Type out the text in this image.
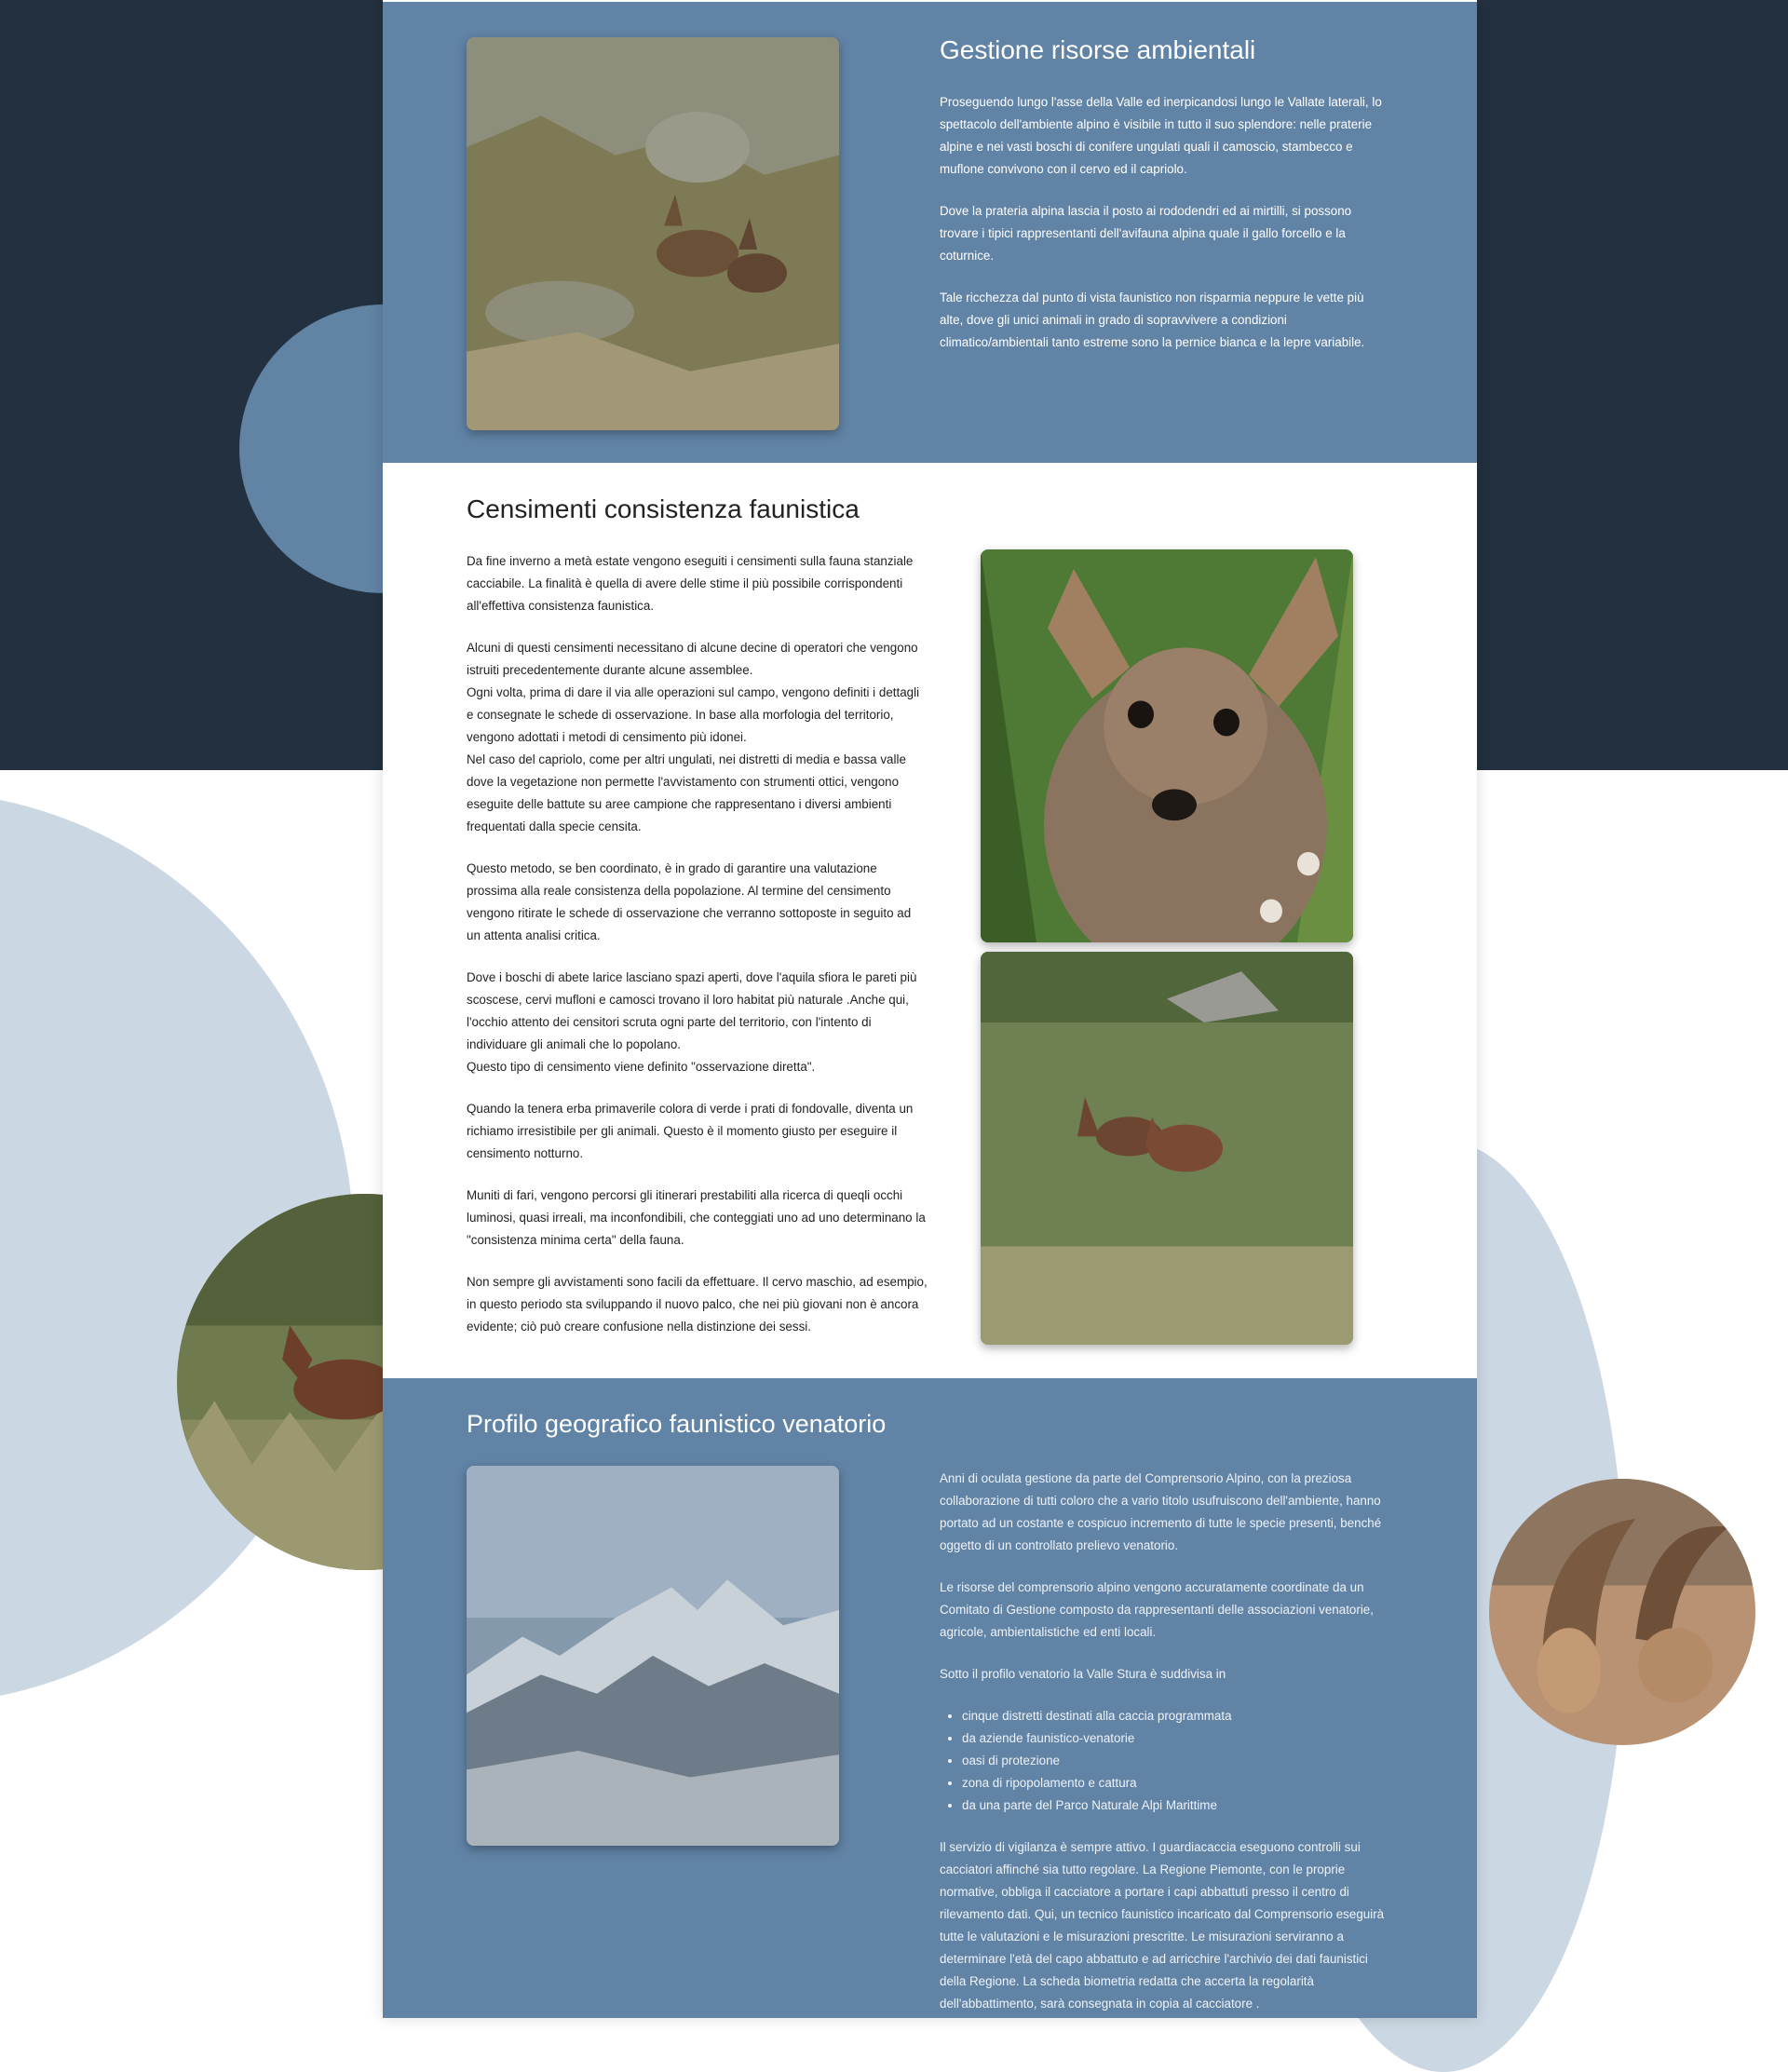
Gestione risorse ambientali

Proseguendo lungo l'asse della Valle ed inerpicandosi lungo le Vallate laterali, lo spettacolo dell'ambiente alpino è visibile in tutto il suo splendore: nelle praterie alpine e nei vasti boschi di conifere ungulati quali il camoscio, stambecco e muflone convivono con il cervo ed il capriolo.

Dove la prateria alpina lascia il posto ai rododendri ed ai mirtilli, si possono trovare i tipici rappresentanti dell'avifauna alpina quale il gallo forcello e la coturnice.

Tale ricchezza dal punto di vista faunistico non risparmia neppure le vette più alte, dove gli unici animali in grado di sopravvivere a condizioni climatico/ambientali tanto estreme sono la pernice bianca e la lepre variabile.

Censimenti consistenza faunistica

Da fine inverno a metà estate vengono eseguiti i censimenti sulla fauna stanziale cacciabile. La finalità è quella di avere delle stime il più possibile corrispondenti all'effettiva consistenza faunistica.

Alcuni di questi censimenti necessitano di alcune decine di operatori che vengono istruiti precedentemente durante alcune assemblee.

Ogni volta, prima di dare il via alle operazioni sul campo, vengono definiti i dettagli e consegnate le schede di osservazione. In base alla morfologia del territorio, vengono adottati i metodi di censimento più idonei.

Nel caso del capriolo, come per altri ungulati, nei distretti di media e bassa valle dove la vegetazione non permette l'avvistamento con strumenti ottici, vengono eseguite delle battute su aree campione che rappresentano i diversi ambienti frequentati dalla specie censita.

Questo metodo, se ben coordinato, è in grado di garantire una valutazione prossima alla reale consistenza della popolazione. Al termine del censimento vengono ritirate le schede di osservazione che verranno sottoposte in seguito ad un attenta analisi critica.

Dove i boschi di abete larice lasciano spazi aperti, dove l'aquila sfiora le pareti più scoscese, cervi mufloni e camosci trovano il loro habitat più naturale .Anche qui, l'occhio attento dei censitori scruta ogni parte del territorio, con l'intento di individuare gli animali che lo popolano.

Questo tipo di censimento viene definito "osservazione diretta".

Quando la tenera erba primaverile colora di verde i prati di fondovalle, diventa un richiamo irresistibile per gli animali. Questo è il momento giusto per eseguire il censimento notturno.

Muniti di fari, vengono percorsi gli itinerari prestabiliti alla ricerca di queqli occhi luminosi, quasi irreali, ma inconfondibili, che conteggiati uno ad uno determinano la "consistenza minima certa" della fauna.

Non sempre gli avvistamenti sono facili da effettuare. Il cervo maschio, ad esempio, in questo periodo sta sviluppando il nuovo palco, che nei più giovani non è ancora evidente; ciò può creare confusione nella distinzione dei sessi.

Profilo geografico faunistico venatorio

Anni di oculata gestione da parte del Comprensorio Alpino, con la preziosa collaborazione di tutti coloro che a vario titolo usufruiscono dell'ambiente, hanno portato ad un costante e cospicuo incremento di tutte le specie presenti, benché oggetto di un controllato prelievo venatorio.

Le risorse del comprensorio alpino vengono accuratamente coordinate da un Comitato di Gestione composto da rappresentanti delle associazioni venatorie, agricole, ambientalistiche ed enti locali.

Sotto il profilo venatorio la Valle Stura è suddivisa in

• cinque distretti destinati alla caccia programmata
• da aziende faunistico-venatorie
• oasi di protezione
• zona di ripopolamento e cattura
• da una parte del Parco Naturale Alpi Marittime

Il servizio di vigilanza è sempre attivo. I guardiacaccia eseguono controlli sui cacciatori affinché sia tutto regolare. La Regione Piemonte, con le proprie normative, obbliga il cacciatore a portare i capi abbattuti presso il centro di rilevamento dati. Qui, un tecnico faunistico incaricato dal Comprensorio eseguirà tutte le valutazioni e le misurazioni prescritte. Le misurazioni serviranno a determinare l'età del capo abbattuto e ad arricchire l'archivio dei dati faunistici della Regione. La scheda biometria redatta che accerta la regolarità dell'abbattimento, sarà consegnata in copia al cacciatore .
